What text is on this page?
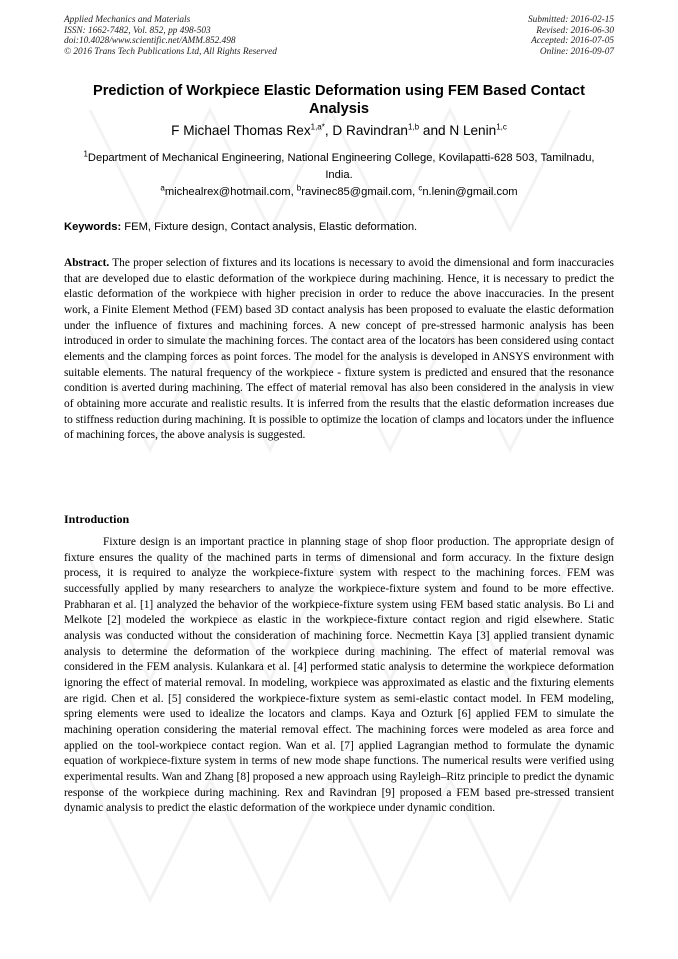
Applied Mechanics and Materials
ISSN: 1662-7482, Vol. 852, pp 498-503
doi:10.4028/www.scientific.net/AMM.852.498
© 2016 Trans Tech Publications Ltd, All Rights Reserved
Submitted: 2016-02-15
Revised: 2016-06-30
Accepted: 2016-07-05
Online: 2016-09-07
Prediction of Workpiece Elastic Deformation using FEM Based Contact Analysis
F Michael Thomas Rex$^{1,a*}$, D Ravindran$^{1,b}$ and N Lenin$^{1,c}$
$^1$Department of Mechanical Engineering, National Engineering College, Kovilapatti-628 503, Tamilnadu, India.
$^a$michealrex@hotmail.com, $^b$ravinec85@gmail.com, $^c$n.lenin@gmail.com
Keywords: FEM, Fixture design, Contact analysis, Elastic deformation.
Abstract. The proper selection of fixtures and its locations is necessary to avoid the dimensional and form inaccuracies that are developed due to elastic deformation of the workpiece during machining. Hence, it is necessary to predict the elastic deformation of the workpiece with higher precision in order to reduce the above inaccuracies. In the present work, a Finite Element Method (FEM) based 3D contact analysis has been proposed to evaluate the elastic deformation under the influence of fixtures and machining forces. A new concept of pre-stressed harmonic analysis has been introduced in order to simulate the machining forces. The contact area of the locators has been considered using contact elements and the clamping forces as point forces. The model for the analysis is developed in ANSYS environment with suitable elements. The natural frequency of the workpiece - fixture system is predicted and ensured that the resonance condition is averted during machining. The effect of material removal has also been considered in the analysis in view of obtaining more accurate and realistic results. It is inferred from the results that the elastic deformation increases due to stiffness reduction during machining. It is possible to optimize the location of clamps and locators under the influence of machining forces, the above analysis is suggested.
Introduction
Fixture design is an important practice in planning stage of shop floor production. The appropriate design of fixture ensures the quality of the machined parts in terms of dimensional and form accuracy. In the fixture design process, it is required to analyze the workpiece-fixture system with respect to the machining forces. FEM was successfully applied by many researchers to analyze the workpiece-fixture system and found to be more effective. Prabharan et al. [1] analyzed the behavior of the workpiece-fixture system using FEM based static analysis. Bo Li and Melkote [2] modeled the workpiece as elastic in the workpiece-fixture contact region and rigid elsewhere. Static analysis was conducted without the consideration of machining force. Necmettin Kaya [3] applied transient dynamic analysis to determine the deformation of the workpiece during machining. The effect of material removal was considered in the FEM analysis. Kulankara et al. [4] performed static analysis to determine the workpiece deformation ignoring the effect of material removal. In modeling, workpiece was approximated as elastic and the fixturing elements are rigid. Chen et al. [5] considered the workpiece-fixture system as semi-elastic contact model. In FEM modeling, spring elements were used to idealize the locators and clamps. Kaya and Ozturk [6] applied FEM to simulate the machining operation considering the material removal effect. The machining forces were modeled as area force and applied on the tool-workpiece contact region. Wan et al. [7] applied Lagrangian method to formulate the dynamic equation of workpiece-fixture system in terms of new mode shape functions. The numerical results were verified using experimental results. Wan and Zhang [8] proposed a new approach using Rayleigh–Ritz principle to predict the dynamic response of the workpiece during machining. Rex and Ravindran [9] proposed a FEM based pre-stressed transient dynamic analysis to predict the elastic deformation of the workpiece under dynamic condition.
